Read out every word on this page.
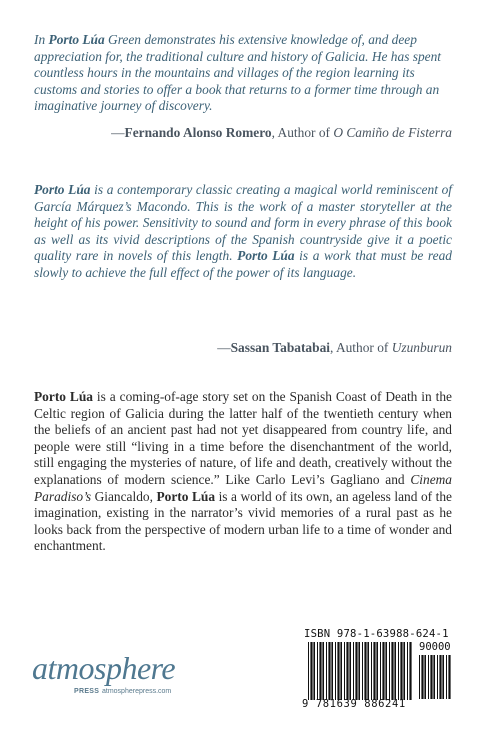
In Porto Lúa Green demonstrates his extensive knowledge of, and deep appreciation for, the traditional culture and history of Galicia. He has spent countless hours in the mountains and villages of the region learning its customs and stories to offer a book that returns to a former time through an imaginative journey of discovery.

—Fernando Alonso Romero, Author of O Camiño de Fisterra

Porto Lúa is a contemporary classic creating a magical world reminiscent of García Márquez’s Macondo. This is the work of a master storyteller at the height of his power. Sensitivity to sound and form in every phrase of this book as well as its vivid descriptions of the Spanish countryside give it a poetic quality rare in novels of this length. Porto Lúa is a work that must be read slowly to achieve the full effect of the power of its language.

—Sassan Tabatabai, Author of Uzunburun

Porto Lúa is a coming-of-age story set on the Spanish Coast of Death in the Celtic region of Galicia during the latter half of the twentieth century when the beliefs of an ancient past had not yet disappeared from country life, and people were still “living in a time before the disenchantment of the world, still engaging the mysteries of nature, of life and death, creatively without the explanations of modern science.” Like Carlo Levi’s Gagliano and Cinema Paradiso’s Giancaldo, Porto Lúa is a world of its own, an ageless land of the imagination, existing in the narrator’s vivid memories of a rural past as he looks back from the perspective of modern urban life to a time of wonder and enchantment.

atmosphere
PRESS atmospherepress.com
ISBN 978-1-63988-624-1
90000
9 781639 886241
